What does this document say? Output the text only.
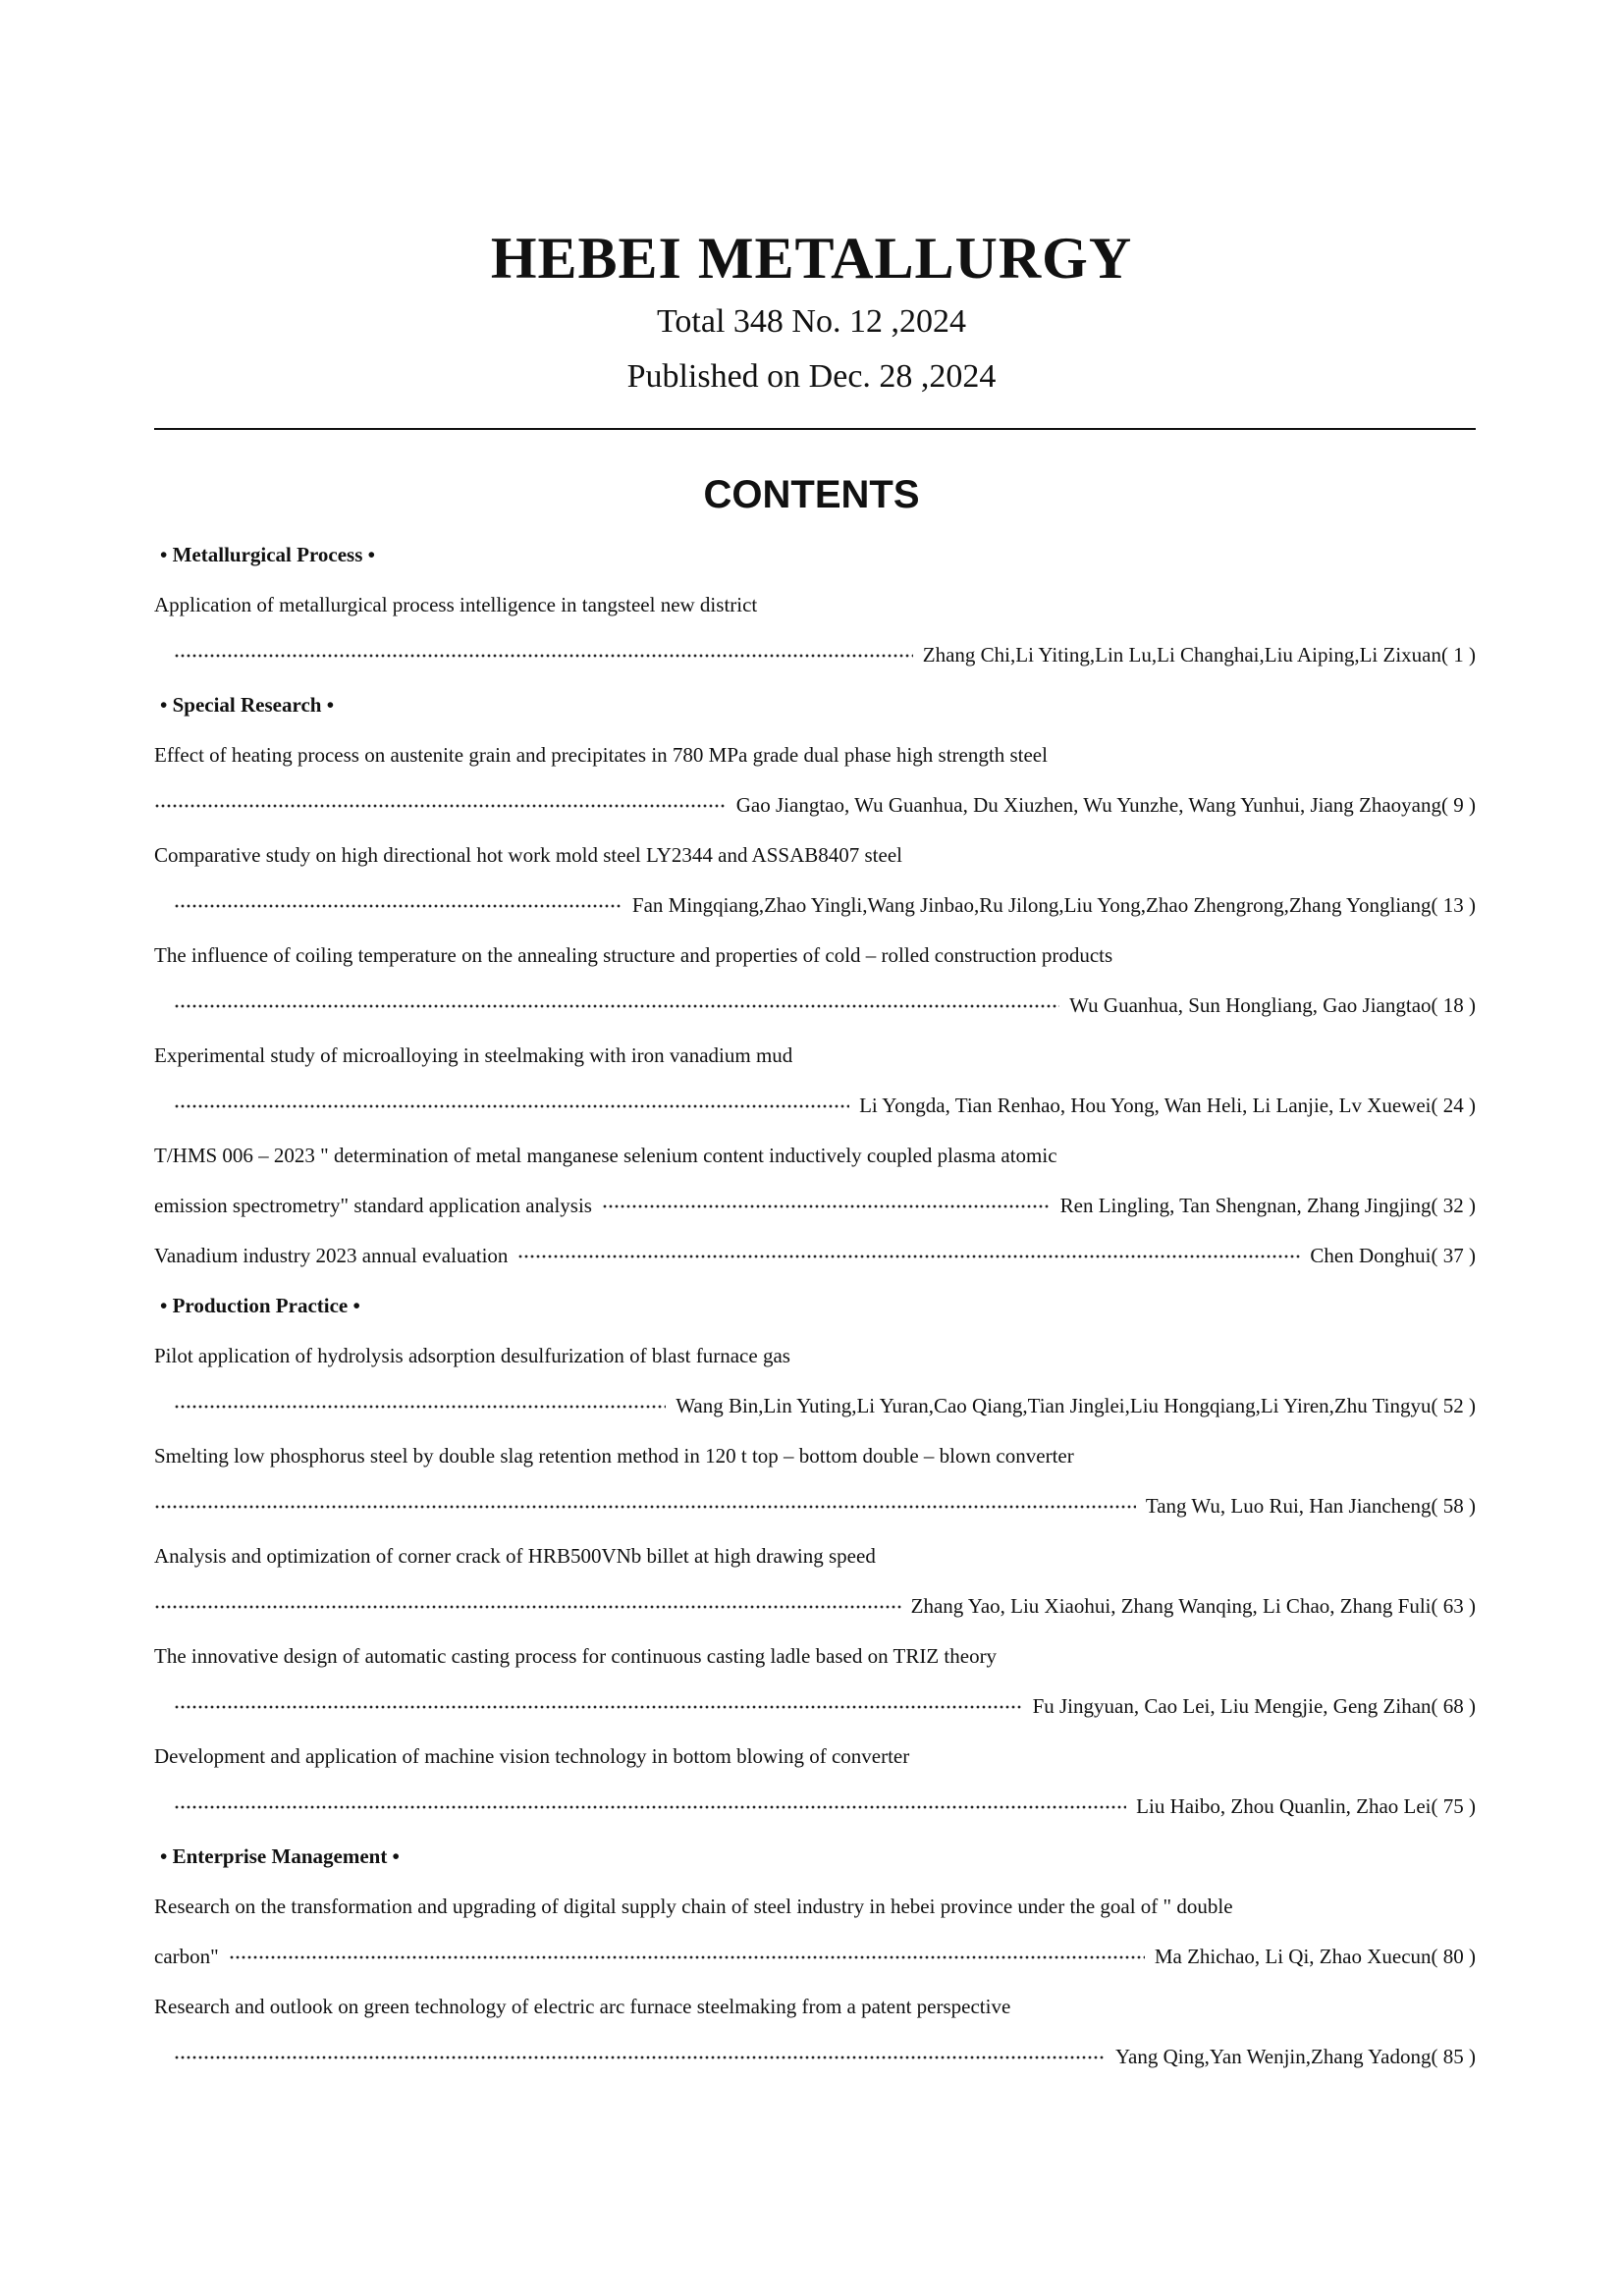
HEBEI METALLURGY
Total 348 No. 12 ,2024
Published on Dec. 28 ,2024
CONTENTS
• Metallurgical Process •
Application of metallurgical process intelligence in tangsteel new district
Zhang Chi,Li Yiting,Lin Lu,Li Changhai,Liu Aiping,Li Zixuan( 1 )
• Special Research •
Effect of heating process on austenite grain and precipitates in 780 MPa grade dual phase high strength steel
Gao Jiangtao, Wu Guanhua, Du Xiuzhen, Wu Yunzhe, Wang Yunhui, Jiang Zhaoyang( 9 )
Comparative study on high directional hot work mold steel LY2344 and ASSAB8407 steel
Fan Mingqiang,Zhao Yingli,Wang Jinbao,Ru Jilong,Liu Yong,Zhao Zhengrong,Zhang Yongliang( 13 )
The influence of coiling temperature on the annealing structure and properties of cold – rolled construction products
Wu Guanhua, Sun Hongliang, Gao Jiangtao( 18 )
Experimental study of microalloying in steelmaking with iron vanadium mud
Li Yongda, Tian Renhao, Hou Yong, Wan Heli, Li Lanjie, Lv Xuewei( 24 )
T/HMS 006 – 2023 " determination of metal manganese selenium content inductively coupled plasma atomic
emission spectrometry" standard application analysis	Ren Lingling, Tan Shengnan, Zhang Jingjing( 32 )
Vanadium industry 2023 annual evaluation	Chen Donghui( 37 )
• Production Practice •
Pilot application of hydrolysis adsorption desulfurization of blast furnace gas
Wang Bin,Lin Yuting,Li Yuran,Cao Qiang,Tian Jinglei,Liu Hongqiang,Li Yiren,Zhu Tingyu( 52 )
Smelting low phosphorus steel by double slag retention method in 120 t top – bottom double – blown converter
Tang Wu, Luo Rui, Han Jiancheng( 58 )
Analysis and optimization of corner crack of HRB500VNb billet at high drawing speed
Zhang Yao, Liu Xiaohui, Zhang Wanqing, Li Chao, Zhang Fuli( 63 )
The innovative design of automatic casting process for continuous casting ladle based on TRIZ theory
Fu Jingyuan, Cao Lei, Liu Mengjie, Geng Zihan( 68 )
Development and application of machine vision technology in bottom blowing of converter
Liu Haibo, Zhou Quanlin, Zhao Lei( 75 )
• Enterprise Management •
Research on the transformation and upgrading of digital supply chain of steel industry in hebei province under the goal of " double
carbon"	Ma Zhichao, Li Qi, Zhao Xuecun( 80 )
Research and outlook on green technology of electric arc furnace steelmaking from a patent perspective
Yang Qing,Yan Wenjin,Zhang Yadong( 85 )
